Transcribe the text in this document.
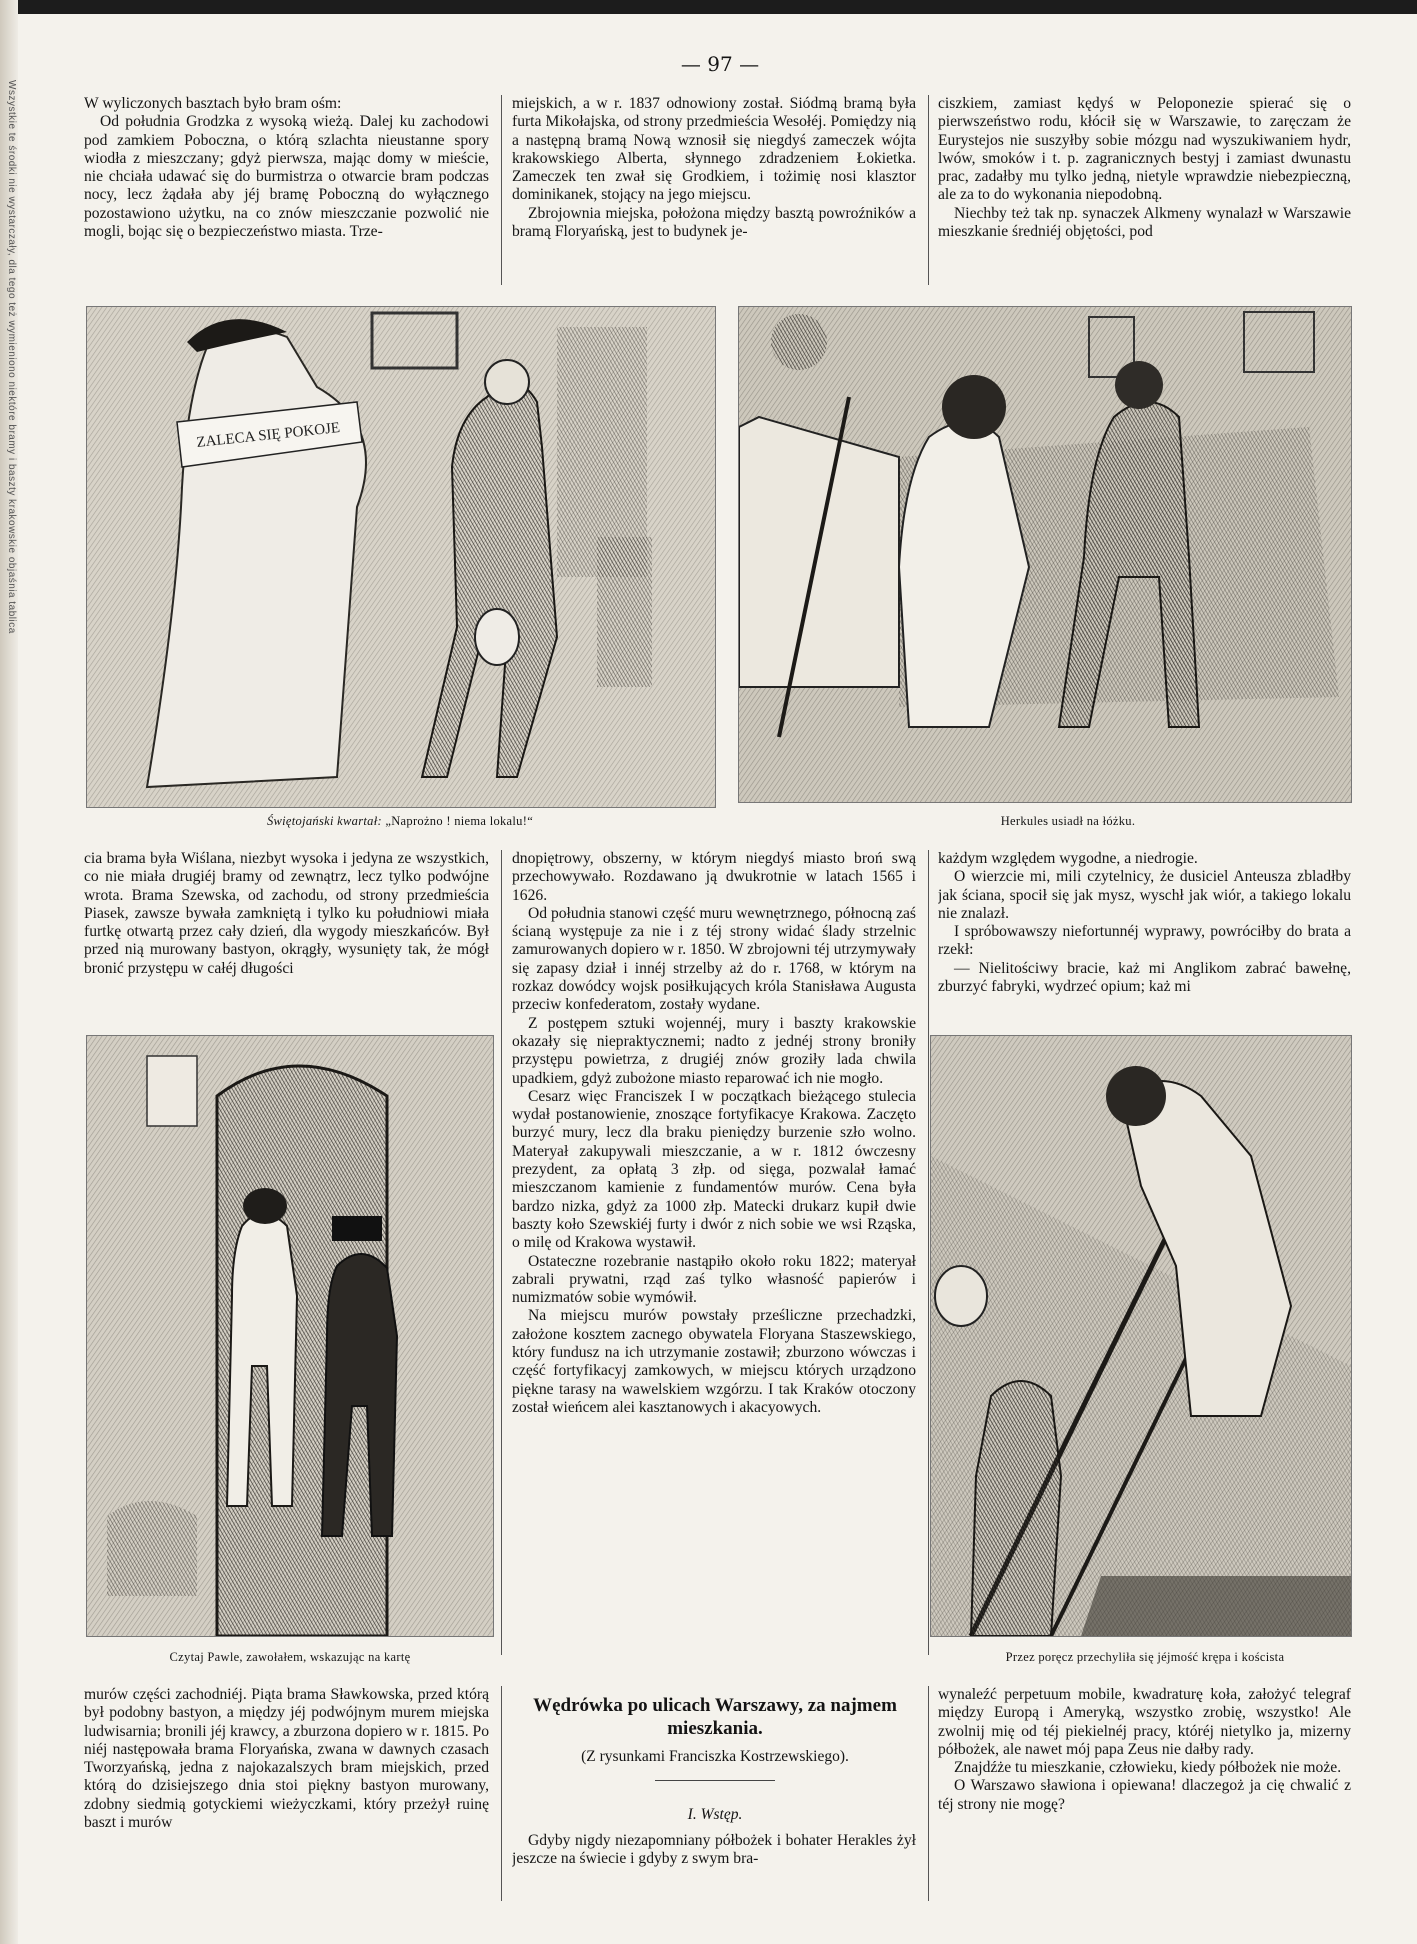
Wszystkie te środki nie wystarczały, dla tego też wymieniono niektóre bramy i baszty krakowskie objaśnia tablica
— 97 —

W wyliczonych basztach było bram ośm:

Od południa Grodzka z wysoką wieżą. Dalej ku zachodowi pod zamkiem Poboczna, o którą szlachta nieustanne spory wiodła z mieszczany; gdyż pierwsza, mając domy w mieście, nie chciała udawać się do burmistrza o otwarcie bram podczas nocy, lecz żądała aby jéj bramę Poboczną do wyłącznego pozostawiono użytku, na co znów mieszczanie pozwolić nie mogli, bojąc się o bezpieczeństwo miasta. Trze-

miejskich, a w r. 1837 odnowiony został. Siódmą bramą była furta Mikołajska, od strony przedmieścia Wesołéj. Pomiędzy nią a następną bramą Nową wznosił się niegdyś zameczek wójta krakowskiego Alberta, słynnego zdradzeniem Łokietka. Zameczek ten zwał się Grodkiem, i tożimię nosi klasztor dominikanek, stojący na jego miejscu.

Zbrojownia miejska, położona między basztą powroźników a bramą Floryańską, jest to budynek je-

ciszkiem, zamiast kędyś w Peloponezie spierać się o pierwszeństwo rodu, kłócił się w Warszawie, to zaręczam że Eurystejos nie suszyłby sobie mózgu nad wyszukiwaniem hydr, lwów, smoków i t. p. zagranicznych bestyj i zamiast dwunastu prac, zadałby mu tylko jedną, nietyle wprawdzie niebezpieczną, ale za to do wykonania niepodobną.

Niechby też tak np. synaczek Alkmeny wynalazł w Warszawie mieszkanie średniéj objętości, pod

ZALECA SIĘ POKOJE
Świętojański kwartał: „Naprożno ! niema lokalu!“	Herkules usiadł na łóżku.

cia brama była Wiślana, niezbyt wysoka i jedyna ze wszystkich, co nie miała drugiéj bramy od zewnątrz, lecz tylko podwójne wrota. Brama Szewska, od zachodu, od strony przedmieścia Piasek, zawsze bywała zamkniętą i tylko ku południowi miała furtkę otwartą przez cały dzień, dla wygody mieszkańców. Był przed nią murowany bastyon, okrągły, wysunięty tak, że mógł bronić przystępu w całéj długości

dnopiętrowy, obszerny, w którym niegdyś miasto broń swą przechowywało. Rozdawano ją dwukrotnie w latach 1565 i 1626.

Od południa stanowi część muru wewnętrznego, północną zaś ścianą występuje za nie i z téj strony widać ślady strzelnic zamurowanych dopiero w r. 1850. W zbrojowni téj utrzymywały się zapasy dział i innéj strzelby aż do r. 1768, w którym na rozkaz dowódcy wojsk posiłkujących króla Stanisława Augusta przeciw konfederatom, zostały wydane.

Z postępem sztuki wojennéj, mury i baszty krakowskie okazały się niepraktycznemi; nadto z jednéj strony broniły przystępu powietrza, z drugiéj znów groziły lada chwila upadkiem, gdyż zubożone miasto reparować ich nie mogło.

Cesarz więc Franciszek I w początkach bieżącego stulecia wydał postanowienie, znoszące fortyfikacye Krakowa. Zaczęto burzyć mury, lecz dla braku pieniędzy burzenie szło wolno. Materyał zakupywali mieszczanie, a w r. 1812 ówczesny prezydent, za opłatą 3 złp. od sięga, pozwalał łamać mieszczanom kamienie z fundamentów murów. Cena była bardzo nizka, gdyż za 1000 złp. Matecki drukarz kupił dwie baszty koło Szewskiéj furty i dwór z nich sobie we wsi Rząska, o milę od Krakowa wystawił.

Ostateczne rozebranie nastąpiło około roku 1822; materyał zabrali prywatni, rząd zaś tylko własność papierów i numizmatów sobie wymówił.

Na miejscu murów powstały prześliczne przechadzki, założone kosztem zacnego obywatela Floryana Staszewskiego, który fundusz na ich utrzymanie zostawił; zburzono wówczas i część fortyfikacyj zamkowych, w miejscu których urządzono piękne tarasy na wawelskiem wzgórzu. I tak Kraków otoczony został wieńcem alei kasztanowych i akacyowych.

każdym względem wygodne, a niedrogie.

O wierzcie mi, mili czytelnicy, że dusiciel Anteusza zbladłby jak ściana, spocił się jak mysz, wyschł jak wiór, a takiego lokalu nie znalazł.

I spróbowawszy niefortunnéj wyprawy, powróciłby do brata a rzekł:

— Nielitościwy bracie, każ mi Anglikom zabrać bawełnę, zburzyć fabryki, wydrzeć opium; każ mi

Czytaj Pawle, zawołałem, wskazując na kartę	Przez poręcz przechyliła się jéjmość krępa i koścista

murów części zachodniéj. Piąta brama Sławkowska, przed którą był podobny bastyon, a między jéj podwójnym murem miejska ludwisarnia; bronili jéj krawcy, a zburzona dopiero w r. 1815. Po niéj następowała brama Floryańska, zwana w dawnych czasach Tworzyańską, jedna z najokazalszych bram miejskich, przed którą do dzisiejszego dnia stoi piękny bastyon murowany, zdobny siedmią gotyckiemi wieżyczkami, który przeżył ruinę baszt i murów

Wędrówka po ulicach Warszawy, za najmem mieszkania.
(Z rysunkami Franciszka Kostrzewskiego).
I. Wstęp.

Gdyby nigdy niezapomniany półbożek i bohater Herakles żył jeszcze na świecie i gdyby z swym bra-

wynaleźć perpetuum mobile, kwadraturę koła, założyć telegraf między Europą i Ameryką, wszystko zrobię, wszystko! Ale zwolnij mię od téj piekielnéj pracy, któréj nietylko ja, mizerny półbożek, ale nawet mój papa Zeus nie dałby rady.

Znajdźże tu mieszkanie, człowieku, kiedy półbożek nie może.

O Warszawo sławiona i opiewana! dlaczegoż ja cię chwalić z téj strony nie mogę?
